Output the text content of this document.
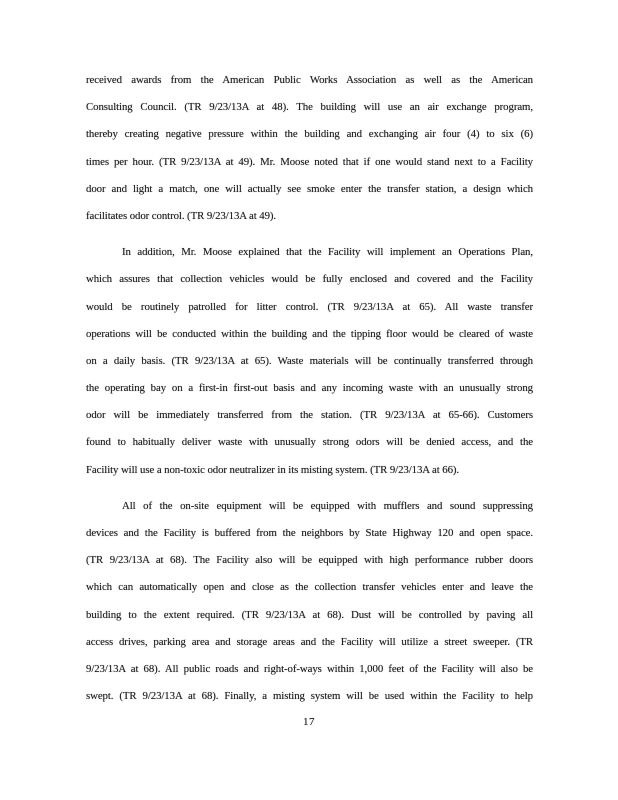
received awards from the American Public Works Association as well as the American
Consulting Council. (TR 9/23/13A at 48). The building will use an air exchange program,
thereby creating negative pressure within the building and exchanging air four (4) to six (6)
times per hour. (TR 9/23/13A at 49). Mr. Moose noted that if one would stand next to a Facility
door and light a match, one will actually see smoke enter the transfer station, a design which
facilitates odor control. (TR 9/23/13A at 49).
In addition, Mr. Moose explained that the Facility will implement an Operations Plan,
which assures that collection vehicles would be fully enclosed and covered and the Facility
would be routinely patrolled for litter control. (TR 9/23/13A at 65). All waste transfer
operations will be conducted within the building and the tipping floor would be cleared of waste
on a daily basis. (TR 9/23/13A at 65). Waste materials will be continually transferred through
the operating bay on a first-in first-out basis and any incoming waste with an unusually strong
odor will be immediately transferred from the station. (TR 9/23/13A at 65-66). Customers
found to habitually deliver waste with unusually strong odors will be denied access, and the
Facility will use a non-toxic odor neutralizer in its misting system. (TR 9/23/13A at 66).
All of the on-site equipment will be equipped with mufflers and sound suppressing
devices and the Facility is buffered from the neighbors by State Highway 120 and open space.
(TR 9/23/13A at 68). The Facility also will be equipped with high performance rubber doors
which can automatically open and close as the collection transfer vehicles enter and leave the
building to the extent required. (TR 9/23/13A at 68). Dust will be controlled by paving all
access drives, parking area and storage areas and the Facility will utilize a street sweeper. (TR
9/23/13A at 68). All public roads and right-of-ways within 1,000 feet of the Facility will also be
swept. (TR 9/23/13A at 68). Finally, a misting system will be used within the Facility to help
17
